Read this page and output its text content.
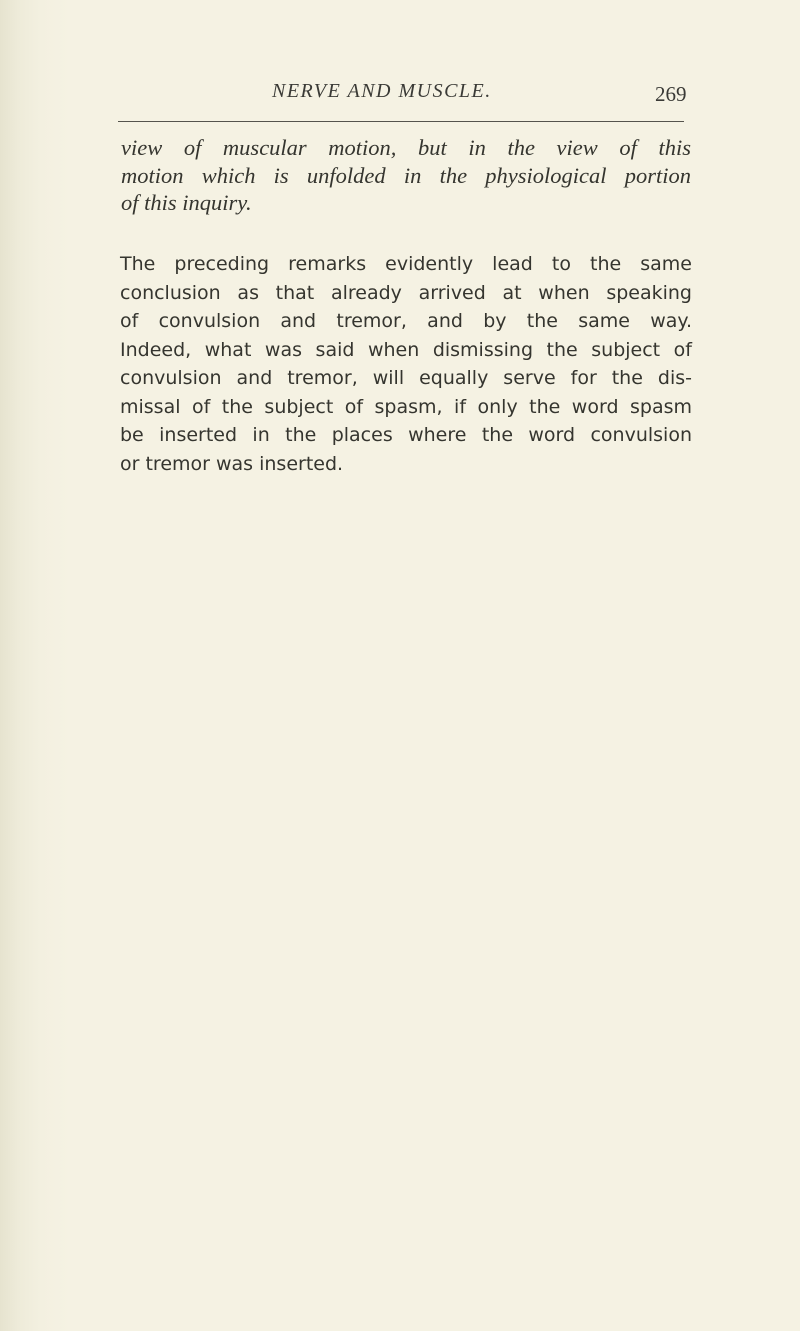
NERVE AND MUSCLE.	269
view of muscular motion, but in the view of this
motion which is unfolded in the physiological portion
of this inquiry.
The preceding remarks evidently lead to the same
conclusion as that already arrived at when speaking
of convulsion and tremor, and by the same way.
Indeed, what was said when dismissing the subject of
convulsion and tremor, will equally serve for the dis-
missal of the subject of spasm, if only the word spasm
be inserted in the places where the word convulsion
or tremor was inserted.
